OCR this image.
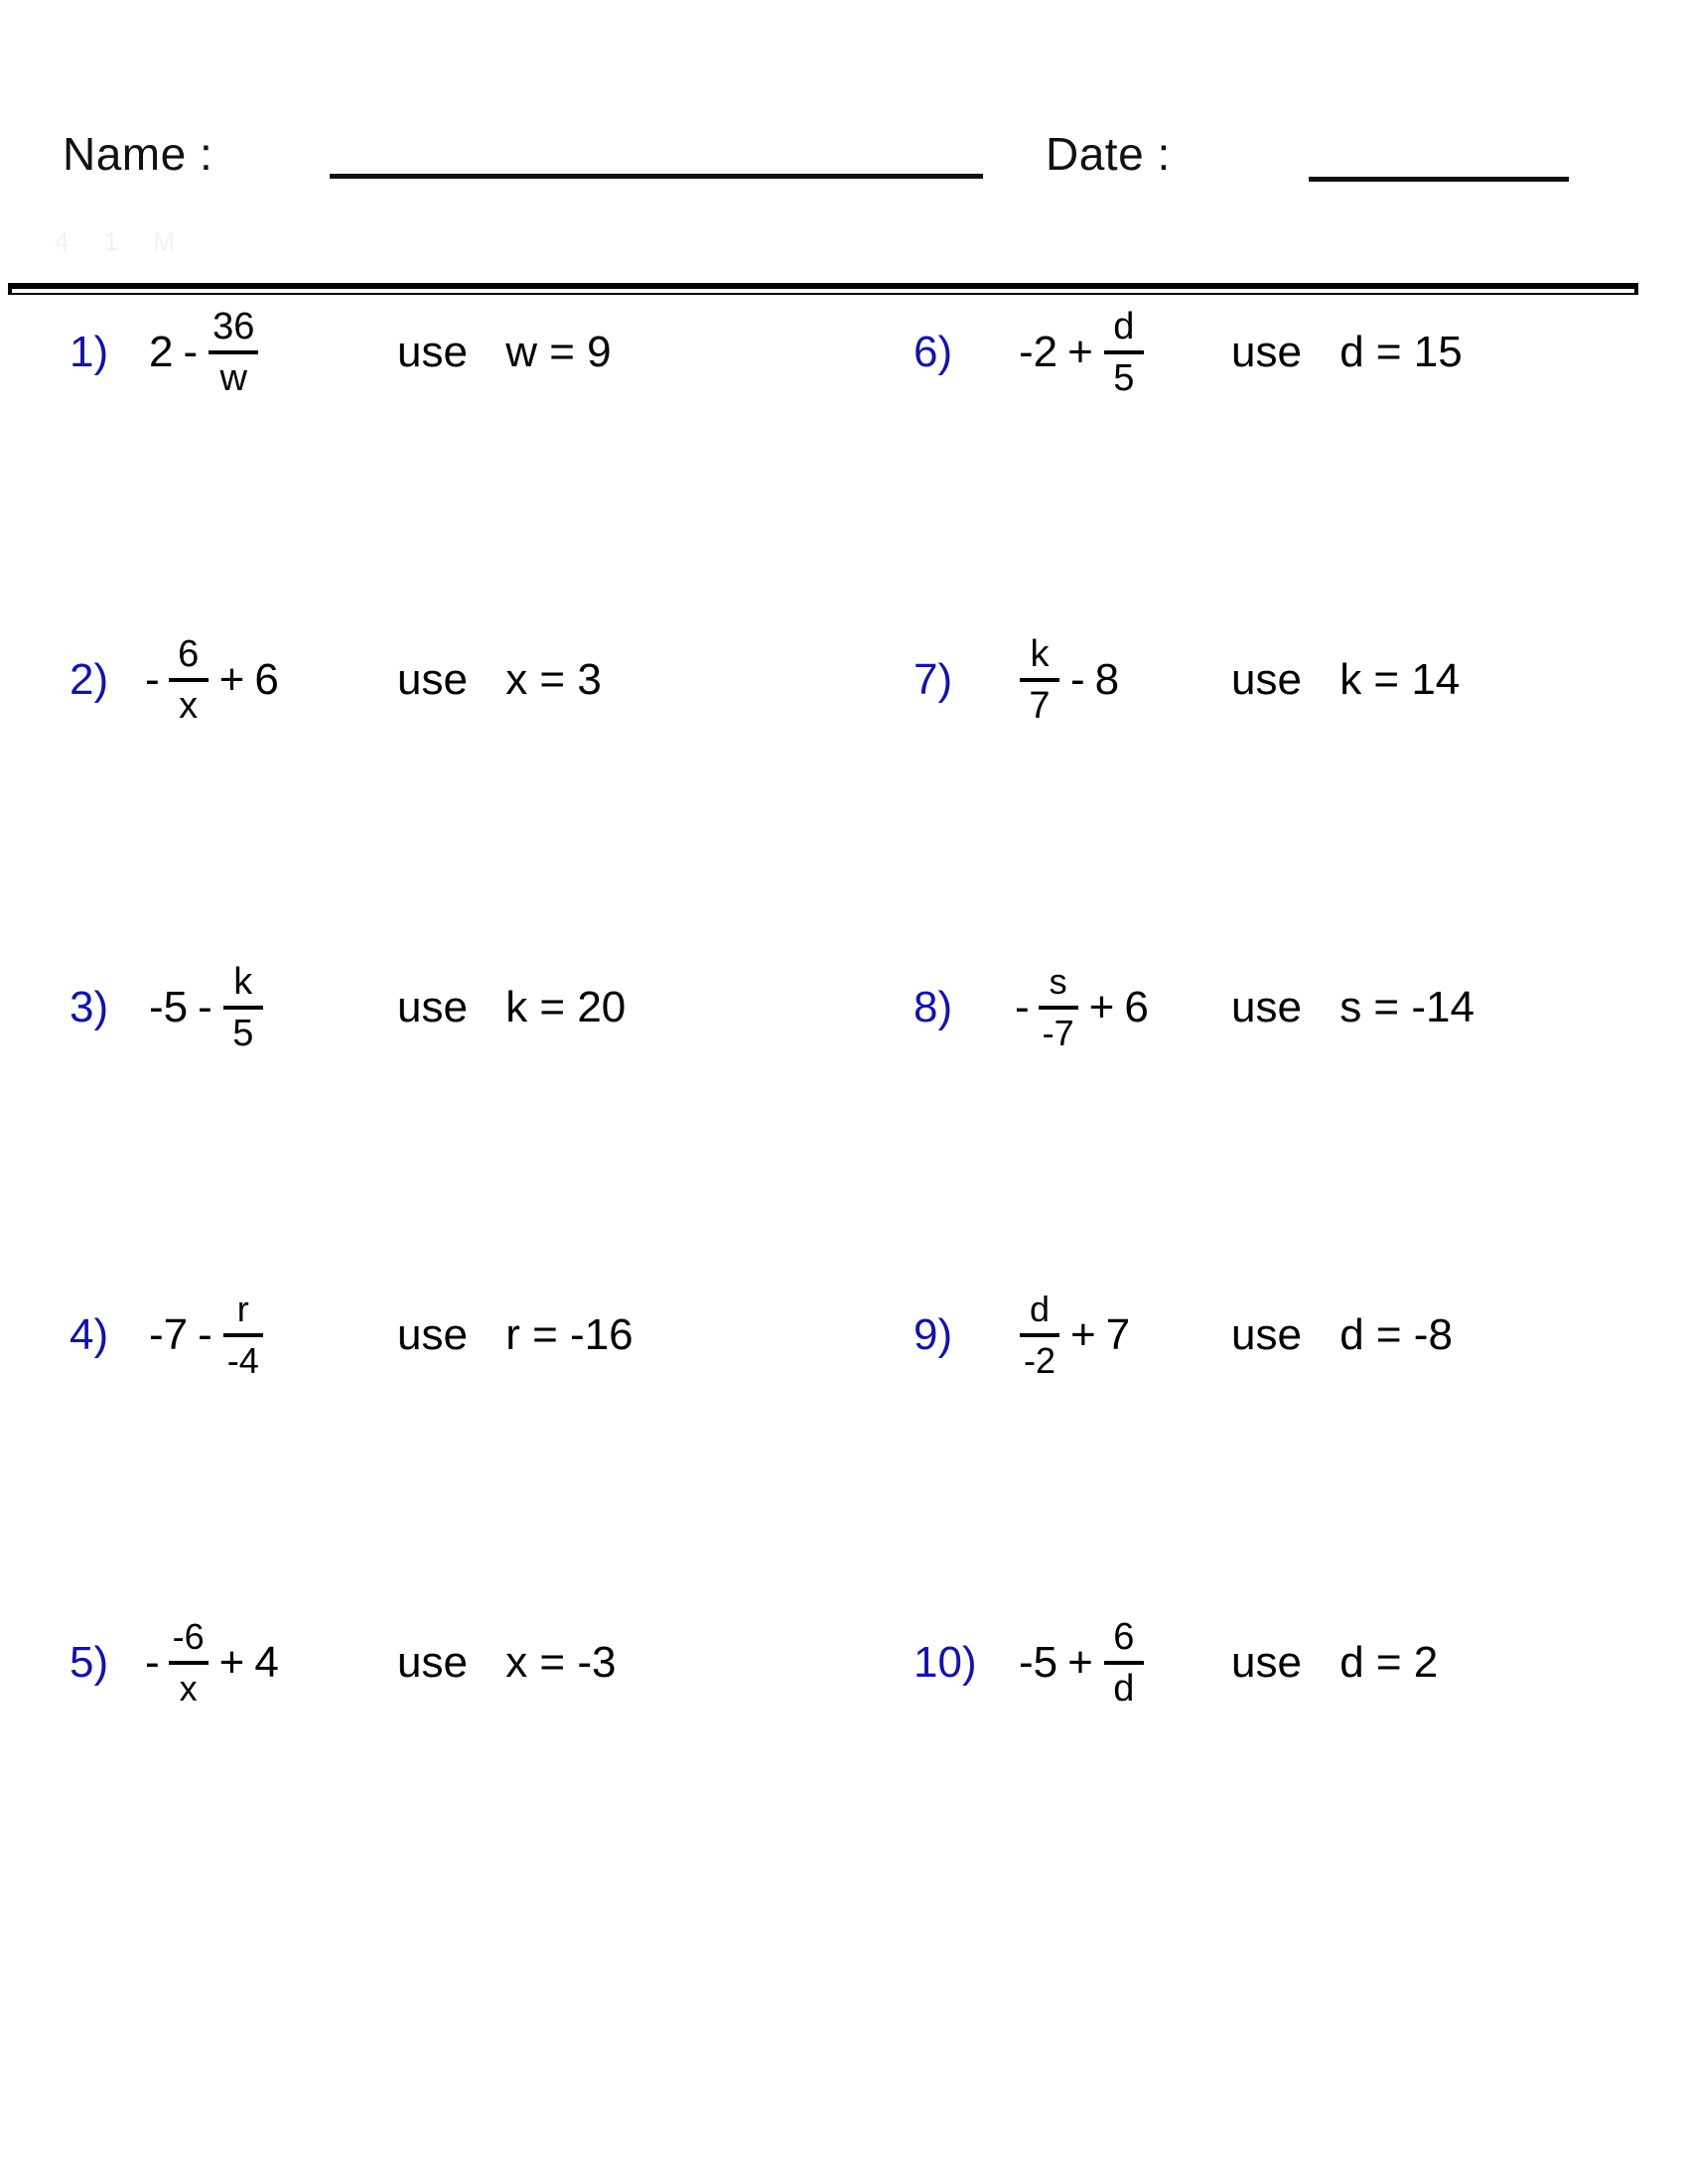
Name :	Date :
4 1 M
1) $2 - \frac{36}{w}$	use w = 9	6)	$-2 + \frac{d}{5}$ use d = 15
$2) - \frac{6}{x} + 6$	use x = 3	7)	$\frac{k}{7} - 8$	use k = 14
3) $-5 - \frac{k}{5}$	use k = 20	8)	- $\frac{s}{-7} + 6$ use s = -14
4) $-7 - \frac{r}{-4}$	use r = -16	9)	$\frac{d}{-2} + 7$ use d = -8
$5) - \frac{-6}{x} + 4$	use x = -3	10) $-5 + \frac{6}{d}$ use d = 2
